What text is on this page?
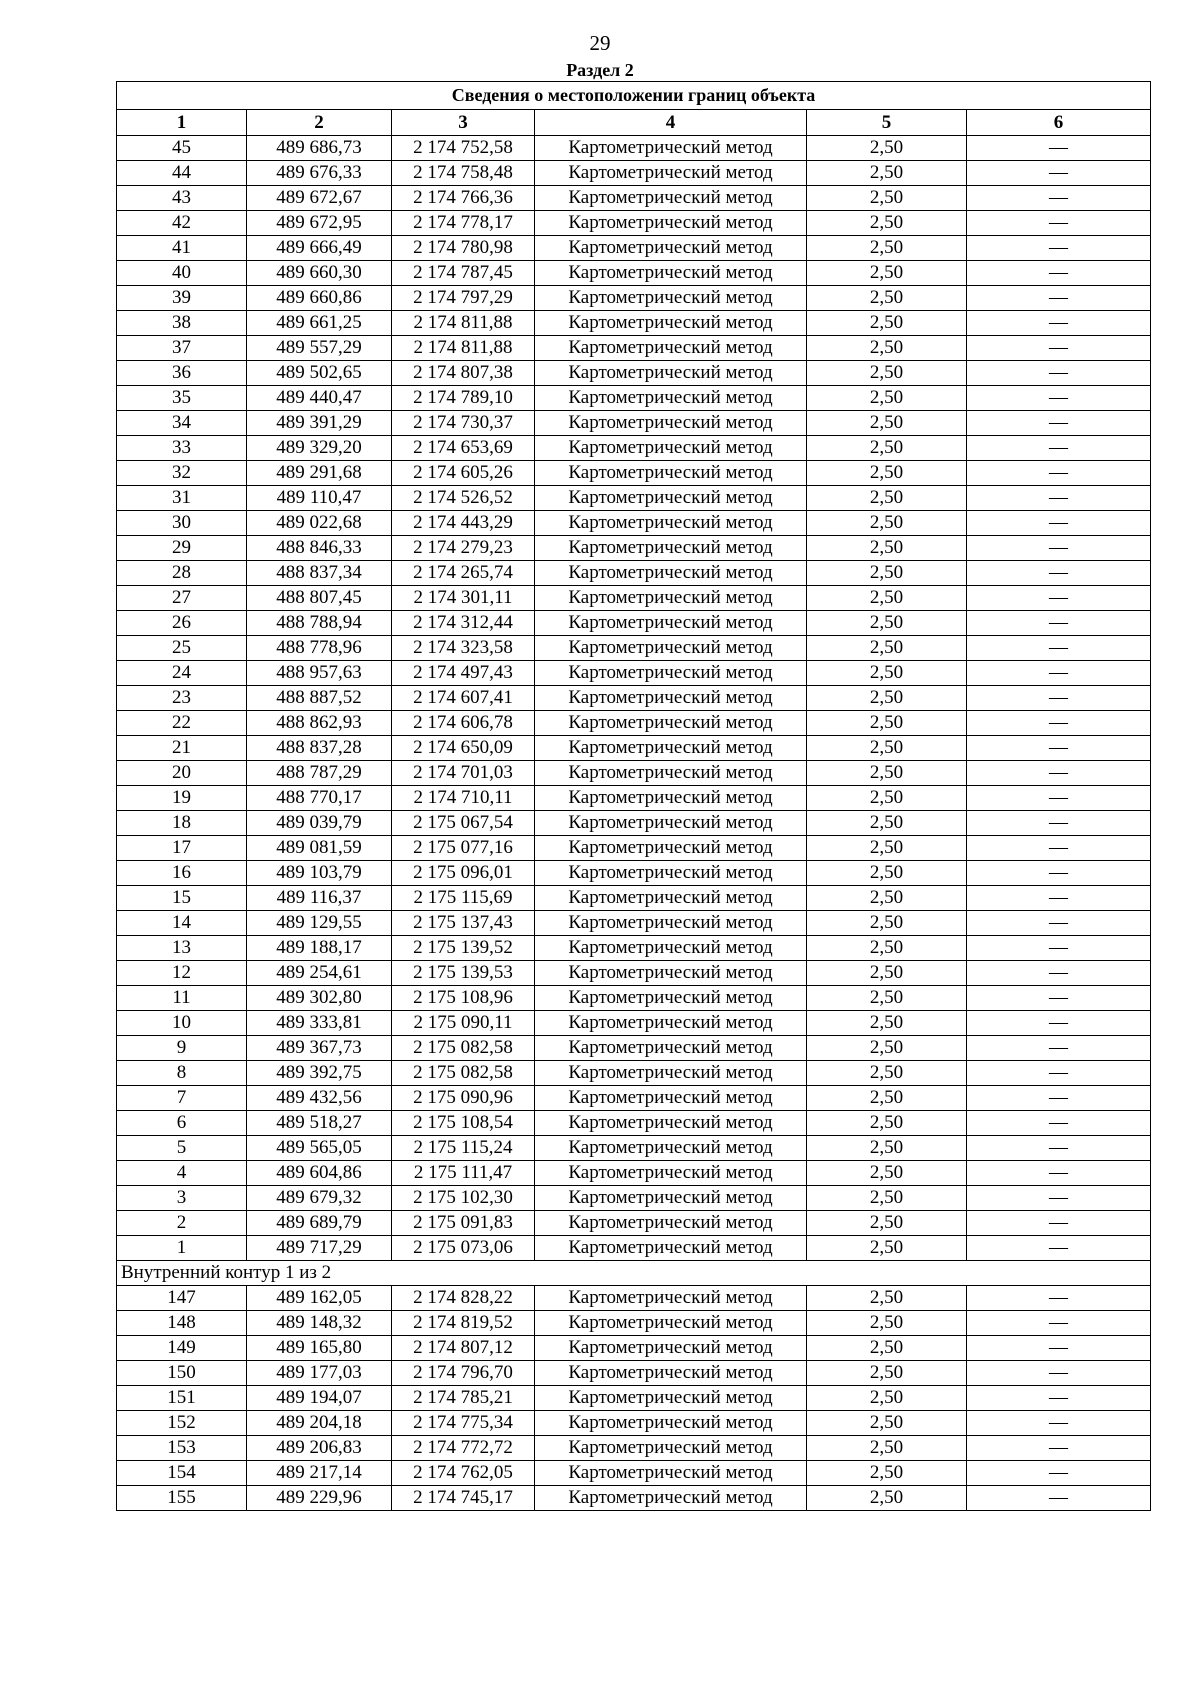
29
Раздел 2
Сведения о местоположении границ объекта					
1	2	3	4	5	6
45	489 686,73	2 174 752,58	Картометрический метод	2,50	—
44	489 676,33	2 174 758,48	Картометрический метод	2,50	—
43	489 672,67	2 174 766,36	Картометрический метод	2,50	—
42	489 672,95	2 174 778,17	Картометрический метод	2,50	—
41	489 666,49	2 174 780,98	Картометрический метод	2,50	—
40	489 660,30	2 174 787,45	Картометрический метод	2,50	—
39	489 660,86	2 174 797,29	Картометрический метод	2,50	—
38	489 661,25	2 174 811,88	Картометрический метод	2,50	—
37	489 557,29	2 174 811,88	Картометрический метод	2,50	—
36	489 502,65	2 174 807,38	Картометрический метод	2,50	—
35	489 440,47	2 174 789,10	Картометрический метод	2,50	—
34	489 391,29	2 174 730,37	Картометрический метод	2,50	—
33	489 329,20	2 174 653,69	Картометрический метод	2,50	—
32	489 291,68	2 174 605,26	Картометрический метод	2,50	—
31	489 110,47	2 174 526,52	Картометрический метод	2,50	—
30	489 022,68	2 174 443,29	Картометрический метод	2,50	—
29	488 846,33	2 174 279,23	Картометрический метод	2,50	—
28	488 837,34	2 174 265,74	Картометрический метод	2,50	—
27	488 807,45	2 174 301,11	Картометрический метод	2,50	—
26	488 788,94	2 174 312,44	Картометрический метод	2,50	—
25	488 778,96	2 174 323,58	Картометрический метод	2,50	—
24	488 957,63	2 174 497,43	Картометрический метод	2,50	—
23	488 887,52	2 174 607,41	Картометрический метод	2,50	—
22	488 862,93	2 174 606,78	Картометрический метод	2,50	—
21	488 837,28	2 174 650,09	Картометрический метод	2,50	—
20	488 787,29	2 174 701,03	Картометрический метод	2,50	—
19	488 770,17	2 174 710,11	Картометрический метод	2,50	—
18	489 039,79	2 175 067,54	Картометрический метод	2,50	—
17	489 081,59	2 175 077,16	Картометрический метод	2,50	—
16	489 103,79	2 175 096,01	Картометрический метод	2,50	—
15	489 116,37	2 175 115,69	Картометрический метод	2,50	—
14	489 129,55	2 175 137,43	Картометрический метод	2,50	—
13	489 188,17	2 175 139,52	Картометрический метод	2,50	—
12	489 254,61	2 175 139,53	Картометрический метод	2,50	—
11	489 302,80	2 175 108,96	Картометрический метод	2,50	—
10	489 333,81	2 175 090,11	Картометрический метод	2,50	—
9	489 367,73	2 175 082,58	Картометрический метод	2,50	—
8	489 392,75	2 175 082,58	Картометрический метод	2,50	—
7	489 432,56	2 175 090,96	Картометрический метод	2,50	—
6	489 518,27	2 175 108,54	Картометрический метод	2,50	—
5	489 565,05	2 175 115,24	Картометрический метод	2,50	—
4	489 604,86	2 175 111,47	Картометрический метод	2,50	—
3	489 679,32	2 175 102,30	Картометрический метод	2,50	—
2	489 689,79	2 175 091,83	Картометрический метод	2,50	—
1	489 717,29	2 175 073,06	Картометрический метод	2,50	—
Внутренний контур 1 из 2					
147	489 162,05	2 174 828,22	Картометрический метод	2,50	—
148	489 148,32	2 174 819,52	Картометрический метод	2,50	—
149	489 165,80	2 174 807,12	Картометрический метод	2,50	—
150	489 177,03	2 174 796,70	Картометрический метод	2,50	—
151	489 194,07	2 174 785,21	Картометрический метод	2,50	—
152	489 204,18	2 174 775,34	Картометрический метод	2,50	—
153	489 206,83	2 174 772,72	Картометрический метод	2,50	—
154	489 217,14	2 174 762,05	Картометрический метод	2,50	—
155	489 229,96	2 174 745,17	Картометрический метод	2,50	—
